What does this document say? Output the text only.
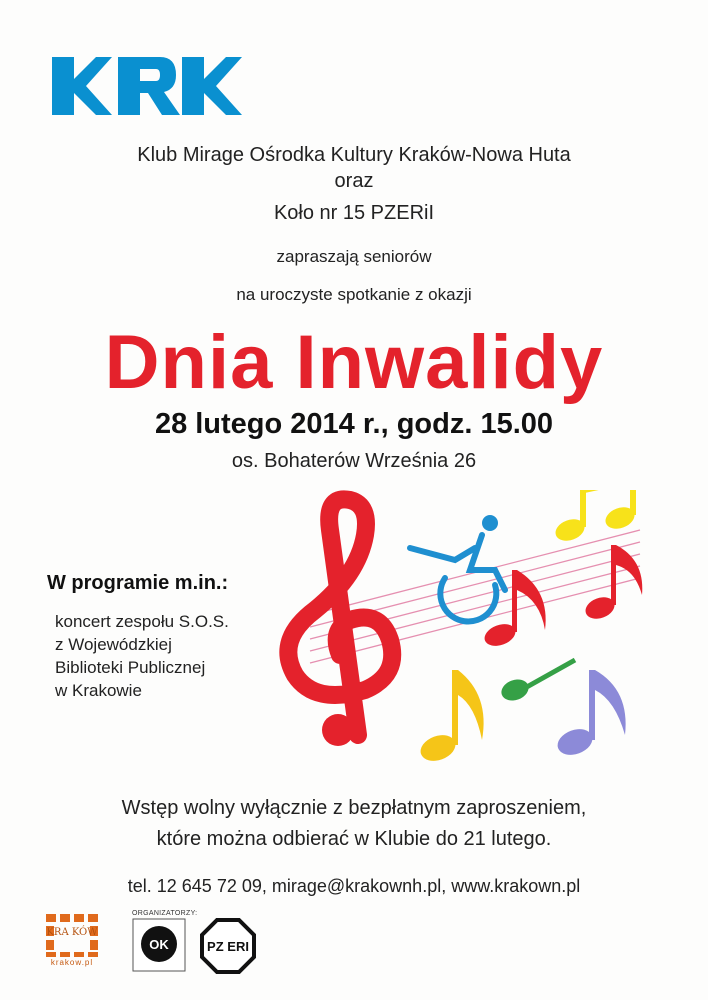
Klub Mirage Ośrodka Kultury Kraków-Nowa Huta
oraz
Koło nr 15 PZERiI
zapraszają seniorów
na uroczyste spotkanie z okazji
Dnia Inwalidy
28 lutego 2014 r., godz. 15.00
os. Bohaterów Września 26
W programie m.in.:
koncert zespołu S.O.S.
z Wojewódzkiej
Biblioteki Publicznej
w Krakowie
Wstęp wolny wyłącznie z bezpłatnym zaproszeniem,
które można odbierać w Klubie do 21 lutego.
tel. 12 645 72 09, mirage@krakownh.pl, www.krakown.pl
KRA KÓW
krakow.pl
ORGANIZATORZY:
OK	PZ ERI
